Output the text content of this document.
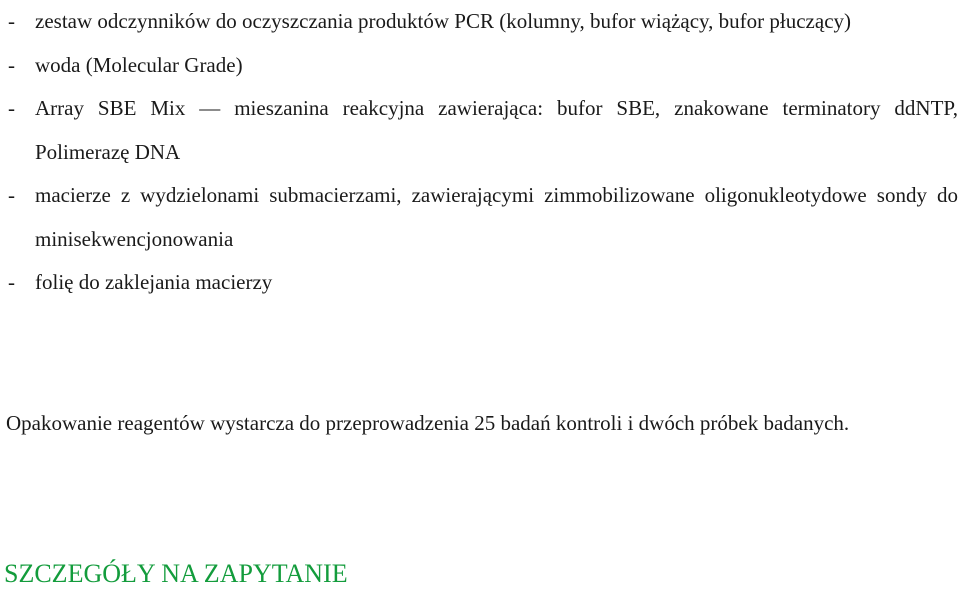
- zestaw odczynników do oczyszczania produktów PCR (kolumny, bufor wiążący, bufor płuczący)
- woda (Molecular Grade)
- Array SBE Mix — mieszanina reakcyjna zawierająca: bufor SBE, znakowane terminatory ddNTP, Polimerazę DNA
- macierze z wydzielonami submacierzami, zawierającymi zimmobilizowane oligonukleotydowe sondy do minisekwencjonowania
- folię do zaklejania macierzy

Opakowanie reagentów wystarcza do przeprowadzenia 25 badań kontroli i dwóch próbek badanych.

SZCZEGÓŁY NA ZAPYTANIE
